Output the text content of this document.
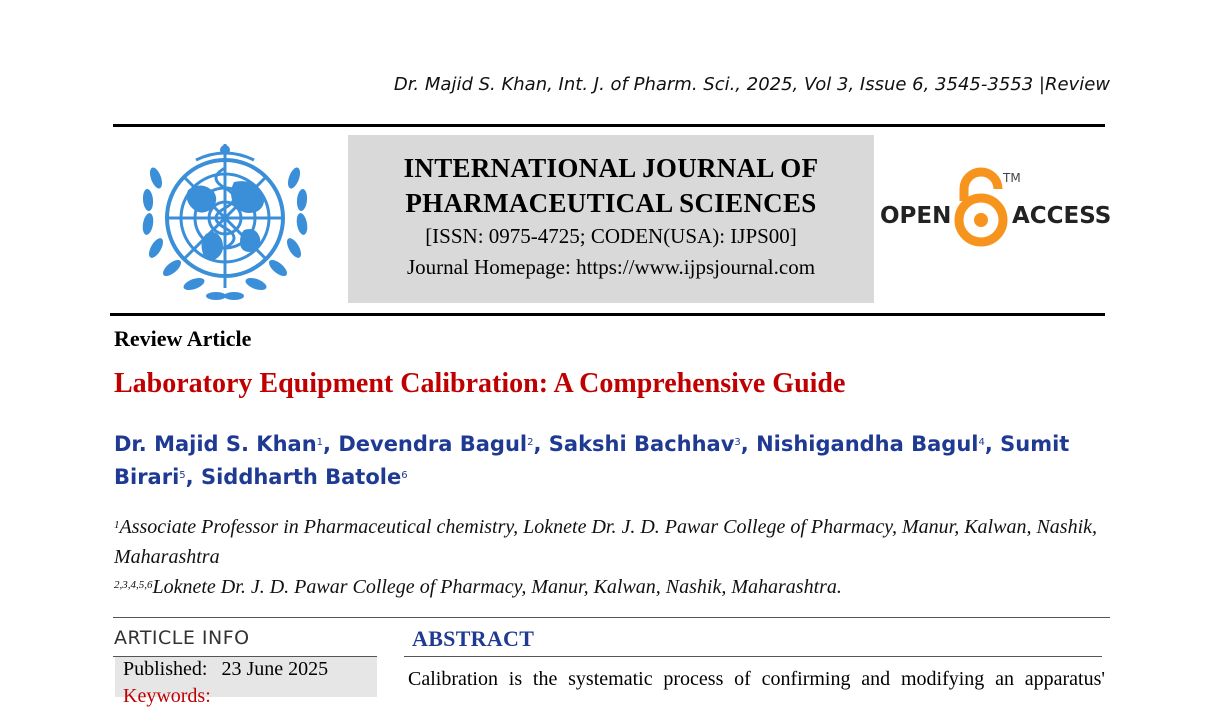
Dr. Majid S. Khan, Int. J. of Pharm. Sci., 2025, Vol 3, Issue 6, 3545-3553 |Review
INTERNATIONAL JOURNAL OF
PHARMACEUTICAL SCIENCES
[ISSN: 0975-4725; CODEN(USA): IJPS00]
Journal Homepage: https://www.ijpsjournal.com
OPEN	ACCESS
TM
Review Article
Laboratory Equipment Calibration: A Comprehensive Guide
Dr. Majid S. Khan$^1$, Devendra Bagul$^2$, Sakshi Bachhav$^3$, Nishigandha Bagul$^4$, Sumit Birari$^5$, Siddharth Batole$^6$
$^1$Associate Professor in Pharmaceutical chemistry, Loknete Dr. J. D. Pawar College of Pharmacy, Manur, Kalwan, Nashik, Maharashtra
$^{2,3,4,5,6}$Loknete Dr. J. D. Pawar College of Pharmacy, Manur, Kalwan, Nashik, Maharashtra.
ARTICLE INFO
Published: 23 June 2025
Keywords:
ABSTRACT
Calibration is the systematic process of confirming and modifying an apparatus'
